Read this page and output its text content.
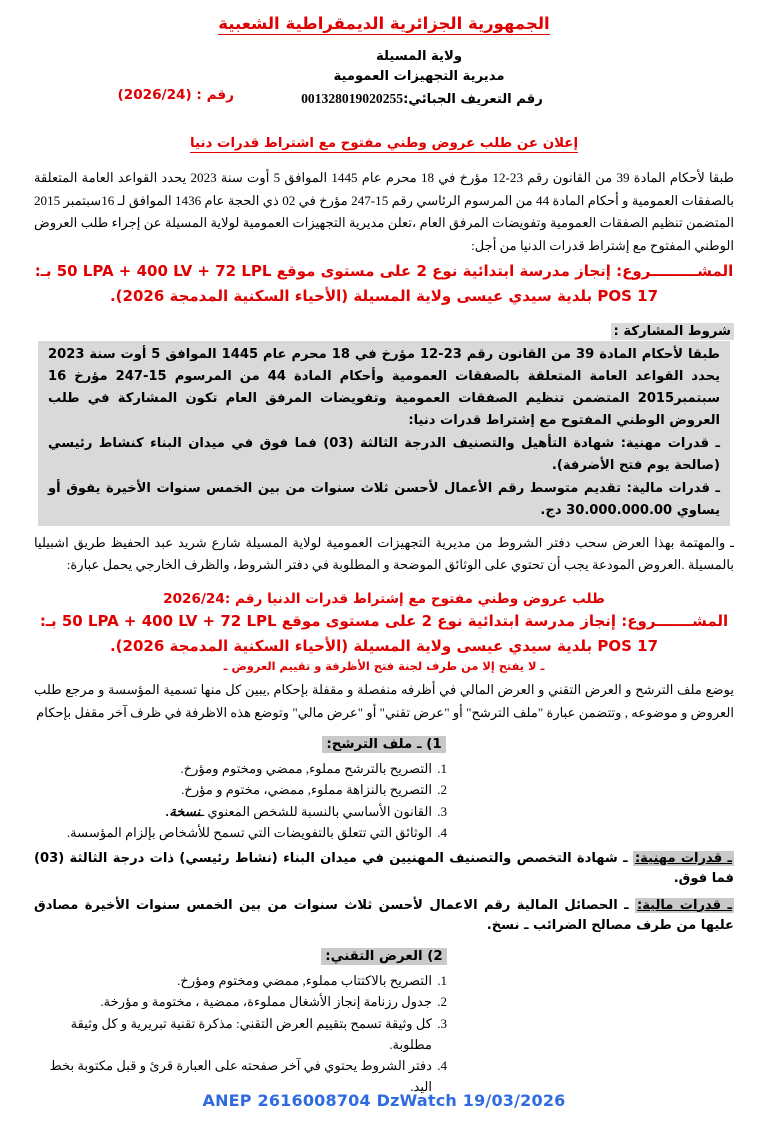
الجمهورية الجزائرية الديمقراطية الشعبية
ولاية المسيلة
مديرية التجهيزات العمومية
رقم التعريف الجبائي:001328019020255
رقم : (2026/24)
إعلان عن طلب عروض وطني مفتوح مع اشتراط قدرات دنيا
طبقا لأحكام المادة 39 من القانون رقم 23-12 مؤرخ في 18 محرم عام 1445 الموافق 5 أوت سنة 2023 يحدد القواعد العامة المتعلقة بالصفقات العمومية و أحكام المادة 44 من المرسوم الرئاسي رقم 15-247 مؤرخ في 02 ذي الحجة عام 1436 الموافق لـ 16سبتمبر 2015 المتضمن تنظيم الصفقات العمومية وتفويضات المرفق العام ،تعلن مديرية التجهيزات العمومية لولاية المسيلة عن إجراء طلب العروض الوطني المفتوح مع إشتراط قدرات الدنيا من أجل:
المشـــــــــروع: إنجاز مدرسة ابتدائية نوع 2 على مستوى موقع 50 LPA + 400 LV + 72 LPL بـ:
POS 17 بلدية سيدي عيسى ولاية المسيلة (الأحياء السكنية المدمجة 2026).
شروط المشاركة :

طبقا لأحكام المادة 39 من القانون رقم 23-12 مؤرخ في 18 محرم عام 1445 الموافق 5 أوت سنة 2023 يحدد القواعد العامة المتعلقة بالصفقات العمومية وأحكام المادة 44 من المرسوم 15-247 مؤرخ 16 سبتمبر2015 المتضمن تنظيم الصفقات العمومية وتفويضات المرفق العام تكون المشاركة في طلب العروض الوطني المفتوح مع إشتراط قدرات دنيا:

ـ قدرات مهنية: شهادة التأهيل والتصنيف الدرجة الثالثة (03) فما فوق في ميدان البناء كنشاط رئيسي (صالحة يوم فتح الأضرفة).

ـ قدرات مالية: تقديم متوسط رقم الأعمال لأحسن ثلاث سنوات من بين الخمس سنوات الأخيرة يفوق أو يساوي 30.000.000.00 دج.

ـ والمهتمة بهذا العرض سحب دفتر الشروط من مديرية التجهيزات العمومية لولاية المسيلة شارع شريد عبد الحفيظ طريق اشبيليا بالمسيلة .العروض المودعة يجب أن تحتوي على الوثائق الموضحة و المطلوبة في دفتر الشروط، والظرف الخارجي يحمل عبارة:
طلب عروض وطني مفتوح مع إشتراط قدرات الدنيا رقم :2026/24
المشـــــــروع: إنجاز مدرسة ابتدائية نوع 2 على مستوى موقع 50 LPA + 400 LV + 72 LPL بـ:
POS 17 بلدية سيدي عيسى ولاية المسيلة (الأحياء السكنية المدمجة 2026).
ـ لا يفتح إلا من طرف لجنة فتح الأظرفة و تقييم العروض ـ
يوضع ملف الترشح و العرض التقني و العرض المالي في أظرفه منفصلة و مقفلة بإحكام ,يبين كل منها تسمية المؤسسة و مرجع طلب العروض و موضوعه , وتتضمن عبارة "ملف الترشح" أو "عرض تقني" أو "عرض مالي" وتوضع هذه الاظرفة في ظرف آخر مقفل بإحكام
1) ـ ملف الترشح:
1. التصريح بالترشح مملوء, ممضي ومختوم ومؤرخ.
2. التصريح بالنزاهة مملوء, ممضي، مختوم و مؤرخ.
3. القانون الأساسي بالنسبة للشخص المعنوي ـنسخة.
4. الوثائق التي تتعلق بالتفويضات التي تسمح للأشخاص بإلزام المؤسسة.
ـ قدرات مهنية: ـ شهادة التخصص والتصنيف المهنيين في ميدان البناء (نشاط رئيسي) ذات درجة الثالثة (03) فما فوق.
ـ قدرات مالية: ـ الحصائل المالية رقم الاعمال لأحسن ثلاث سنوات من بين الخمس سنوات الأخيرة مصادق عليها من طرف مصالح الضرائب ـ نسخ.
2) العرض التقني:
1. التصريح بالاكتتاب مملوء, ممضي ومختوم ومؤرخ.
2. جدول رزنامة إنجاز الأشغال مملوءة، ممضية ، مختومة و مؤرخة.
3. كل وثيقة تسمح بتقييم العرض التقني: مذكرة تقنية تبريرية و كل وثيقة مطلوبة.
4. دفتر الشروط يحتوي في آخر صفحته على العبارة قرئ و قبل مكتوبة بخط اليد.
ANEP 2616008704 DzWatch 19/03/2026
